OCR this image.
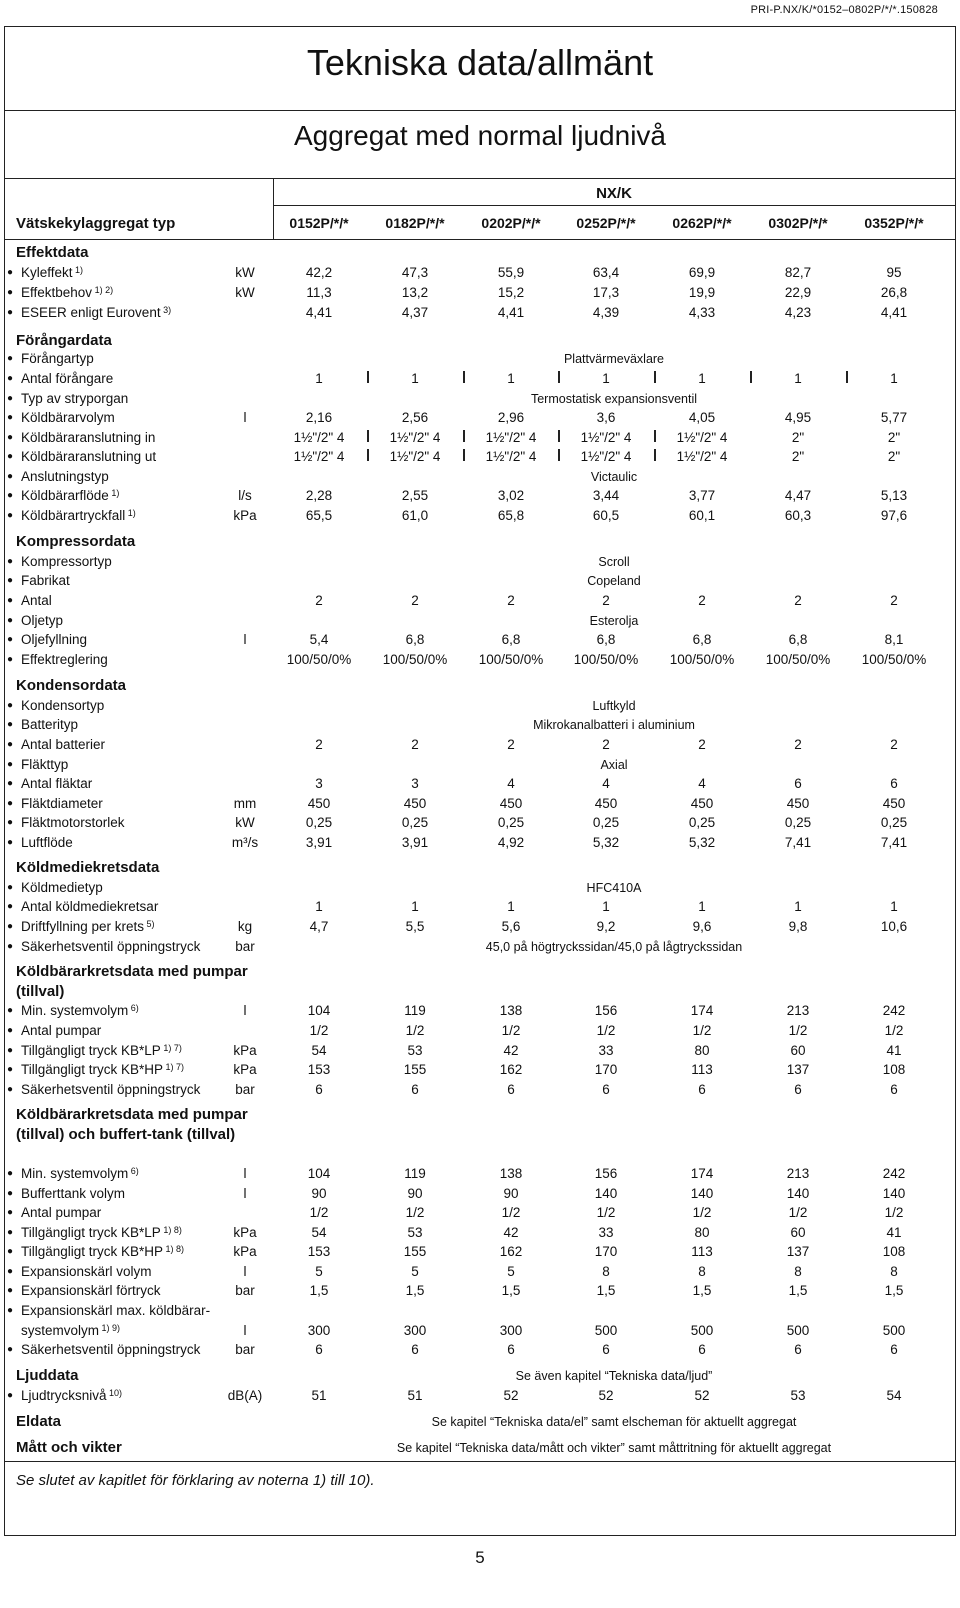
PRI-P.NX/K/*0152–0802P/*/*.150828
Tekniska data/allmänt
Aggregat med normal ljudnivå
NX/K
Vätskekylaggregat typ	0152P/*/*	0182P/*/*	0202P/*/*	0252P/*/*	0262P/*/*	0302P/*/*	0352P/*/*
Se slutet av kapitlet för förklaring av noterna 1) till 10).
Effektdata
Förångardata
Kompressordata
Kondensordata
Köldmediekretsdata
Köldbärarkretsdata med pumpar (tillval)
Köldbärarkretsdata med pumpar (tillval) och buffert-tank (tillval)
Ljuddata
Eldata
Mått och vikter
● Kyleffekt $^{1)}$	kW	42,2	47,3	55,9	63,4	69,9	82,7	95
● Effektbehov $^{1) 2)}$	kW	11,3	13,2	15,2	17,3	19,9	22,9	26,8
● ESEER enligt Eurovent $^{3)}$	4,41	4,37	4,41	4,39	4,33	4,23	4,41
● Förångartyp	Plattvärmeväxlare
● Antal förångare	1	1	1	1	1	1	1
● Typ av stryporgan	Termostatisk expansionsventil
● Köldbärarvolym	l	2,16	2,56	2,96	3,6	4,05	4,95	5,77
● Köldbäraranslutning in	1½"/2" 4	1½"/2" 4	1½"/2" 4	1½"/2" 4	1½"/2" 4	2"	2"
● Köldbäraranslutning ut	1½"/2" 4	1½"/2" 4	1½"/2" 4	1½"/2" 4	1½"/2" 4	2"	2"
● Anslutningstyp	Victaulic
● Köldbärarflöde $^{1)}$	l/s	2,28	2,55	3,02	3,44	3,77	4,47	5,13
● Köldbärartryckfall $^{1)}$	kPa	65,5	61,0	65,8	60,5	60,1	60,3	97,6
● Kompressortyp	Scroll
● Fabrikat	Copeland
● Antal	2	2	2	2	2	2	2
● Oljetyp	Esterolja
● Oljefyllning	l	5,4	6,8	6,8	6,8	6,8	6,8	8,1
● Effektreglering	100/50/0%	100/50/0%	100/50/0%	100/50/0%	100/50/0%	100/50/0%	100/50/0%
● Kondensortyp	Luftkyld
● Batterityp	Mikrokanalbatteri i aluminium
● Antal batterier	2	2	2	2	2	2	2
● Fläkttyp	Axial
● Antal fläktar	3	3	4	4	4	6	6
● Fläktdiameter	mm	450	450	450	450	450	450	450
● Fläktmotorstorlek	kW	0,25	0,25	0,25	0,25	0,25	0,25	0,25
● Luftflöde	m³/s	3,91	3,91	4,92	5,32	5,32	7,41	7,41
● Köldmedietyp	HFC410A
● Antal köldmediekretsar	1	1	1	1	1	1	1
● Driftfyllning per krets $^{5)}$	kg	4,7	5,5	5,6	9,2	9,6	9,8	10,6
● Säkerhetsventil öppningstryck	bar	45,0 på högtryckssidan/45,0 på lågtryckssidan
● Min. systemvolym $^{6)}$	l	104	119	138	156	174	213	242
● Antal pumpar	1/2	1/2	1/2	1/2	1/2	1/2	1/2
● Tillgängligt tryck KB*LP $^{1) 7)}$	kPa	54	53	42	33	80	60	41
● Tillgängligt tryck KB*HP $^{1) 7)}$	kPa	153	155	162	170	113	137	108
● Säkerhetsventil öppningstryck	bar	6	6	6	6	6	6	6
● Min. systemvolym $^{6)}$	l	104	119	138	156	174	213	242
● Bufferttank volym	l	90	90	90	140	140	140	140
● Antal pumpar	1/2	1/2	1/2	1/2	1/2	1/2	1/2
● Tillgängligt tryck KB*LP $^{1) 8)}$	kPa	54	53	42	33	80	60	41
● Tillgängligt tryck KB*HP $^{1) 8)}$	kPa	153	155	162	170	113	137	108
● Expansionskärl volym	l	5	5	5	8	8	8	8
● Expansionskärl förtryck	bar	1,5	1,5	1,5	1,5	1,5	1,5	1,5
● Expansionskärl max. köldbärar-
systemvolym $^{1) 9)}$	l	300	300	300	500	500	500	500
● Säkerhetsventil öppningstryck	bar	6	6	6	6	6	6	6
Se även kapitel “Tekniska data/ljud”
● Ljudtrycksnivå $^{10)}$	dB(A)	51	51	52	52	52	53	54
Se kapitel “Tekniska data/el” samt elscheman för aktuellt aggregat
Se kapitel “Tekniska data/mått och vikter” samt måttritning för aktuellt aggregat
5
